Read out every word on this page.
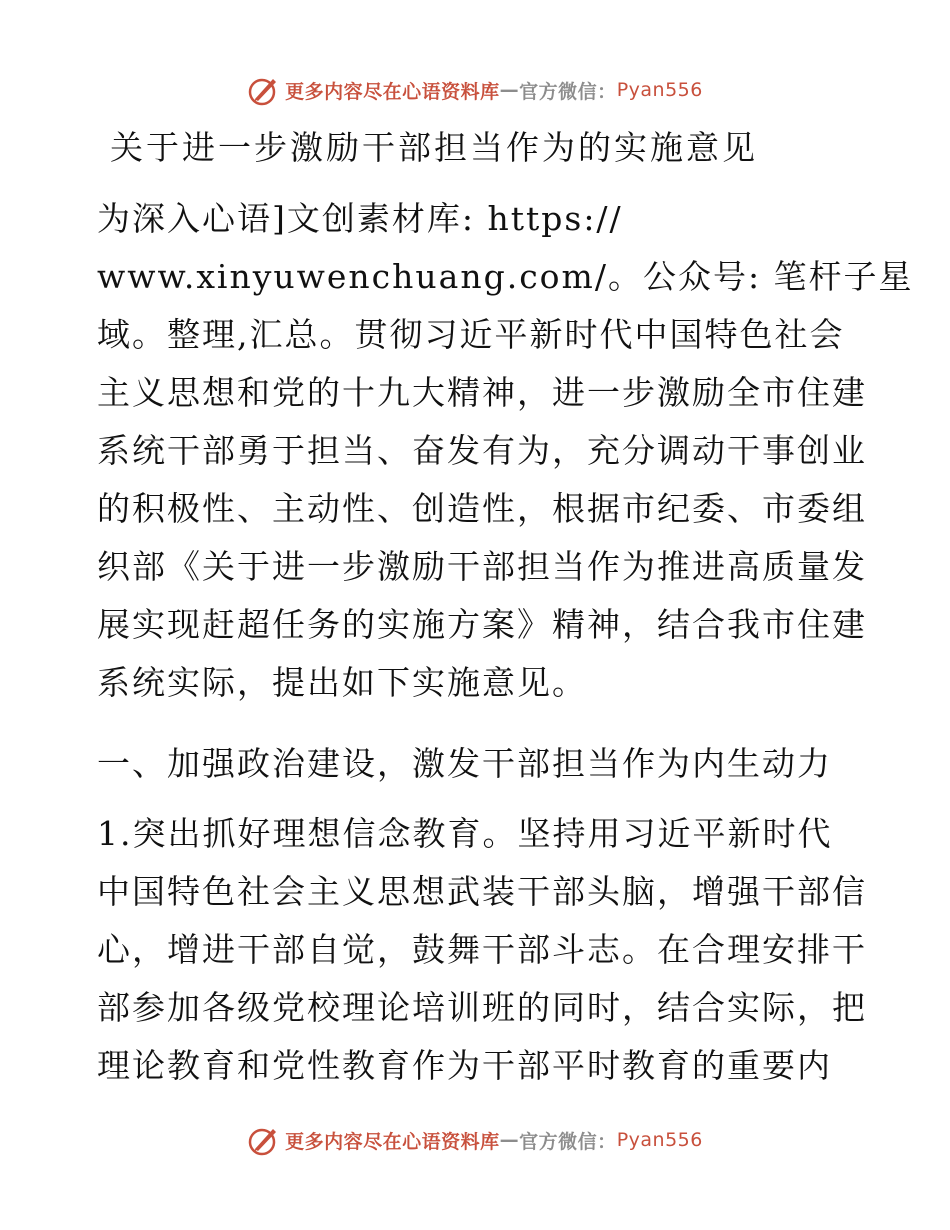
更多内容尽在心语资料库 — 官方微信： Pyan556
关于进一步激励干部担当作为的实施意见
为深入心语]文创素材库: https://
www.xinyuwenchuang.com/。公众号: 笔杆子星
域。整理,汇总。贯彻习近平新时代中国特色社会
主义思想和党的十九大精神，进一步激励全市住建
系统干部勇于担当、奋发有为，充分调动干事创业
的积极性、主动性、创造性，根据市纪委、市委组
织部《关于进一步激励干部担当作为推进高质量发
展实现赶超任务的实施方案》精神，结合我市住建
系统实际，提出如下实施意见。
一、加强政治建设，激发干部担当作为内生动力
1.突出抓好理想信念教育。坚持用习近平新时代
中国特色社会主义思想武装干部头脑，增强干部信
心，增进干部自觉，鼓舞干部斗志。在合理安排干
部参加各级党校理论培训班的同时，结合实际，把
理论教育和党性教育作为干部平时教育的重要内
更多内容尽在心语资料库 — 官方微信： Pyan556
